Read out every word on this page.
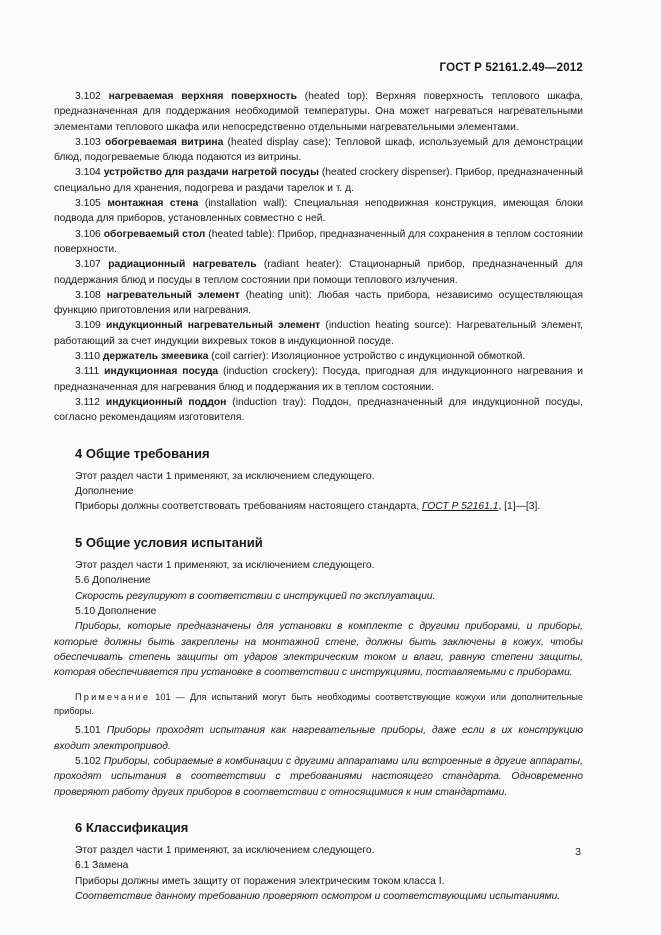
ГОСТ Р 52161.2.49—2012

3.102 нагреваемая верхняя поверхность (heated top): Верхняя поверхность теплового шкафа, предназначенная для поддержания необходимой температуры. Она может нагреваться нагревательными элементами теплового шкафа или непосредственно отдельными нагревательными элементами.

3.103 обогреваемая витрина (heated display case): Тепловой шкаф, используемый для демонстрации блюд, подогреваемые блюда подаются из витрины.

3.104 устройство для раздачи нагретой посуды (heated crockery dispenser). Прибор, предназначенный специально для хранения, подогрева и раздачи тарелок и т. д.

3.105 монтажная стена (installation wall): Специальная неподвижная конструкция, имеющая блоки подвода для приборов, установленных совместно с ней.

3.106 обогреваемый стол (heated table): Прибор, предназначенный для сохранения в теплом состоянии поверхности.

3.107 радиационный нагреватель (radiant heater): Стационарный прибор, предназначенный для поддержания блюд и посуды в теплом состоянии при помощи теплового излучения.

3.108 нагревательный элемент (heating unit): Любая часть прибора, независимо осуществляющая функцию приготовления или нагревания.

3.109 индукционный нагревательный элемент (induction heating source): Нагревательный элемент, работающий за счет индукции вихревых токов в индукционной посуде.

3.110 держатель змеевика (coil carrier): Изоляционное устройство с индукционной обмоткой.

3.111 индукционная посуда (induction crockery): Посуда, пригодная для индукционного нагревания и предназначенная для нагревания блюд и поддержания их в теплом состоянии.

3.112 индукционный поддон (induction tray): Поддон, предназначенный для индукционной посуды, согласно рекомендациям изготовителя.

4 Общие требования

Этот раздел части 1 применяют, за исключением следующего.

Дополнение

Приборы должны соответствовать требованиям настоящего стандарта, ГОСТ Р 52161.1, [1]—[3].

5 Общие условия испытаний

Этот раздел части 1 применяют, за исключением следующего.

5.6 Дополнение

Скорость регулируют в соответствии с инструкцией по эксплуатации.

5.10 Дополнение

Приборы, которые предназначены для установки в комплекте с другими приборами, и приборы, которые должны быть закреплены на монтажной стене, должны быть заключены в кожух, чтобы обеспечивать степень защиты от ударов электрическим током и влаги, равную степени защиты, которая обеспечивается при установке в соответствии с инструкциями, поставляемыми с приборами.

Примечание 101 — Для испытаний могут быть необходимы соответствующие кожухи или дополнительные приборы.

5.101 Приборы проходят испытания как нагревательные приборы, даже если в их конструкцию входит электропривод.

5.102 Приборы, собираемые в комбинации с другими аппаратами или встроенные в другие аппараты, проходят испытания в соответствии с требованиями настоящего стандарта. Одновременно проверяют работу других приборов в соответствии с относящимися к ним стандартами.

6 Классификация

Этот раздел части 1 применяют, за исключением следующего.

6.1 Замена

Приборы должны иметь защиту от поражения электрическим током класса I.

Соответствие данному требованию проверяют осмотром и соответствующими испытаниями.

3
